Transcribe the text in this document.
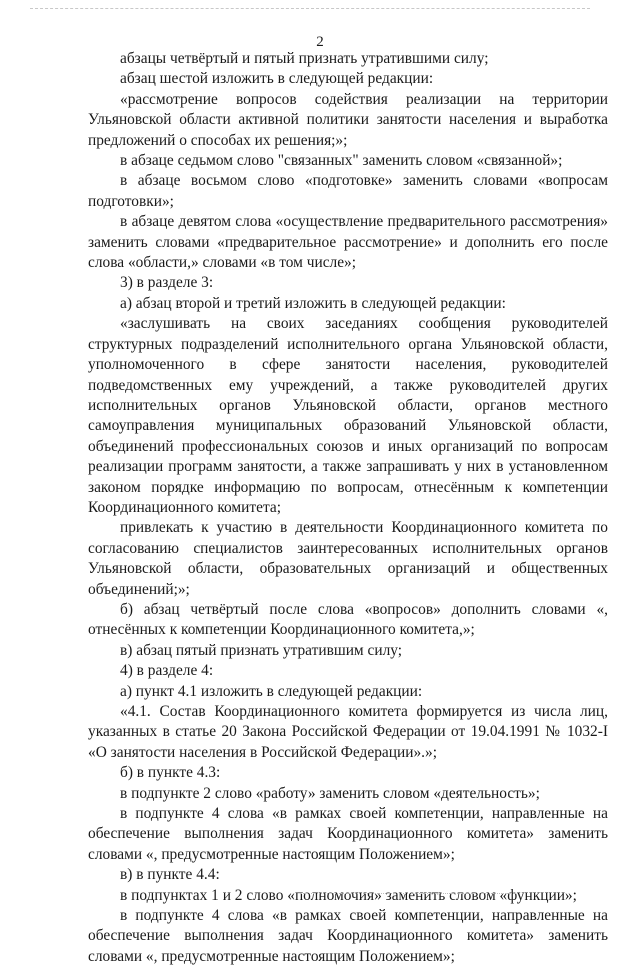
2

абзацы четвёртый и пятый признать утратившими силу;

абзац шестой изложить в следующей редакции:

«рассмотрение вопросов содействия реализации на территории Ульяновской области активной политики занятости населения и выработка предложений о способах их решения;»;

в абзаце седьмом слово "связанных" заменить словом «связанной»;

в абзаце восьмом слово «подготовке» заменить словами «вопросам подготовки»;

в абзаце девятом слова «осуществление предварительного рассмотрения» заменить словами «предварительное рассмотрение» и дополнить его после слова «области,» словами «в том числе»;

3) в разделе 3:

а) абзац второй и третий изложить в следующей редакции:

«заслушивать на своих заседаниях сообщения руководителей структурных подразделений исполнительного органа Ульяновской области, уполномоченного в сфере занятости населения, руководителей подведомственных ему учреждений, а также руководителей других исполнительных органов Ульяновской области, органов местного самоуправления муниципальных образований Ульяновской области, объединений профессиональных союзов и иных организаций по вопросам реализации программ занятости, а также запрашивать у них в установленном законом порядке информацию по вопросам, отнесённым к компетенции Координационного комитета;

привлекать к участию в деятельности Координационного комитета по согласованию специалистов заинтересованных исполнительных органов Ульяновской области, образовательных организаций и общественных объединений;»;

б) абзац четвёртый после слова «вопросов» дополнить словами «, отнесённых к компетенции Координационного комитета,»;

в) абзац пятый признать утратившим силу;

4) в разделе 4:

а) пункт 4.1 изложить в следующей редакции:

«4.1. Состав Координационного комитета формируется из числа лиц, указанных в статье 20 Закона Российской Федерации от 19.04.1991 № 1032-I «О занятости населения в Российской Федерации».»;

б) в пункте 4.3:

в подпункте 2 слово «работу» заменить словом «деятельность»;

в подпункте 4 слова «в рамках своей компетенции, направленные на обеспечение выполнения задач Координационного комитета» заменить словами «, предусмотренные настоящим Положением»;

в) в пункте 4.4:

в подпунктах 1 и 2 слово «полномочия» заменить словом «функции»;

в подпункте 4 слова «в рамках своей компетенции, направленные на обеспечение выполнения задач Координационного комитета» заменить словами «, предусмотренные настоящим Положением»;
